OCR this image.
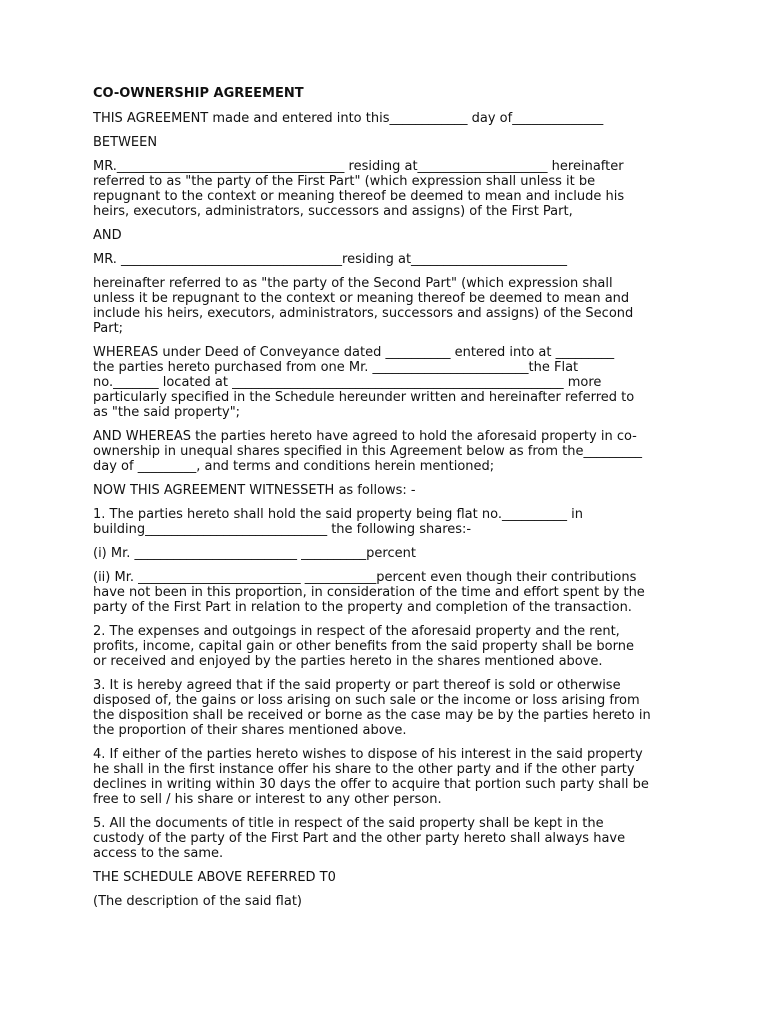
CO-OWNERSHIP AGREEMENT
THIS AGREEMENT made and entered into this____________ day of______________
BETWEEN
MR.___________________________________ residing at____________________ hereinafter
referred to as "the party of the First Part" (which expression shall unless it be
repugnant to the context or meaning thereof be deemed to mean and include his
heirs, executors, administrators, successors and assigns) of the First Part,
AND
MR. __________________________________residing at________________________
hereinafter referred to as "the party of the Second Part" (which expression shall
unless it be repugnant to the context or meaning thereof be deemed to mean and
include his heirs, executors, administrators, successors and assigns) of the Second
Part;
WHEREAS under Deed of Conveyance dated __________ entered into at _________
the parties hereto purchased from one Mr. ________________________the Flat
no._______ located at ___________________________________________________ more
particularly specified in the Schedule hereunder written and hereinafter referred to
as "the said property";
AND WHEREAS the parties hereto have agreed to hold the aforesaid property in co-
ownership in unequal shares specified in this Agreement below as from the_________
day of _________, and terms and conditions herein mentioned;
NOW THIS AGREEMENT WITNESSETH as follows: -
1. The parties hereto shall hold the said property being flat no.__________ in
building____________________________ the following shares:-
(i) Mr. _________________________ __________percent
(ii) Mr. _________________________ ___________percent even though their contributions
have not been in this proportion, in consideration of the time and effort spent by the
party of the First Part in relation to the property and completion of the transaction.
2. The expenses and outgoings in respect of the aforesaid property and the rent,
profits, income, capital gain or other benefits from the said property shall be borne
or received and enjoyed by the parties hereto in the shares mentioned above.
3. It is hereby agreed that if the said property or part thereof is sold or otherwise
disposed of, the gains or loss arising on such sale or the income or loss arising from
the disposition shall be received or borne as the case may be by the parties hereto in
the proportion of their shares mentioned above.
4. If either of the parties hereto wishes to dispose of his interest in the said property
he shall in the first instance offer his share to the other party and if the other party
declines in writing within 30 days the offer to acquire that portion such party shall be
free to sell / his share or interest to any other person.
5. All the documents of title in respect of the said property shall be kept in the
custody of the party of the First Part and the other party hereto shall always have
access to the same.
THE SCHEDULE ABOVE REFERRED T0
(The description of the said flat)
